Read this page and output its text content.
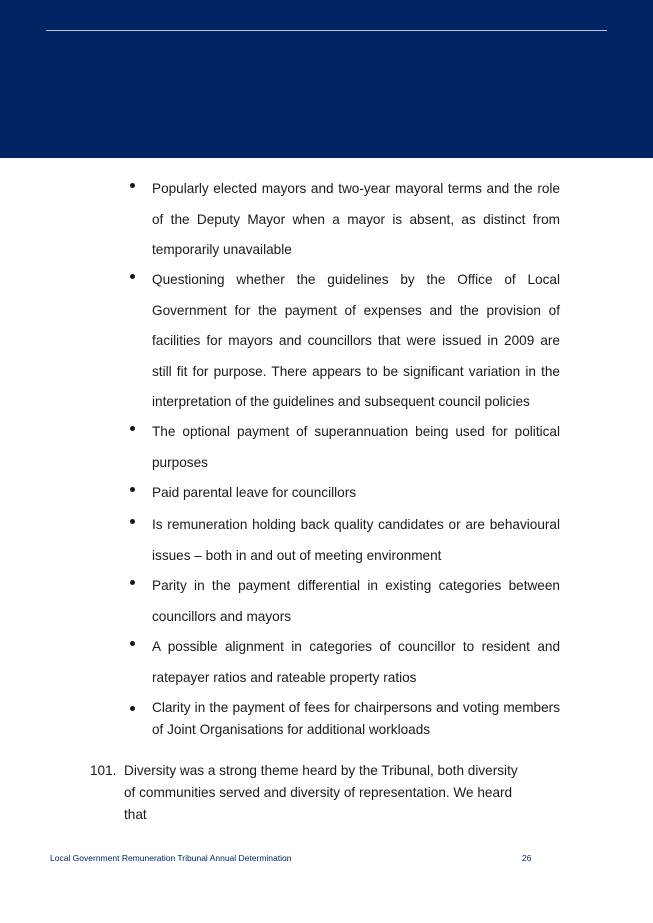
Popularly elected mayors and two-year mayoral terms and the role of the Deputy Mayor when a mayor is absent, as distinct from temporarily unavailable
Questioning whether the guidelines by the Office of Local Government for the payment of expenses and the provision of facilities for mayors and councillors that were issued in 2009 are still fit for purpose. There appears to be significant variation in the interpretation of the guidelines and subsequent council policies
The optional payment of superannuation being used for political purposes
Paid parental leave for councillors
Is remuneration holding back quality candidates or are behavioural issues – both in and out of meeting environment
Parity in the payment differential in existing categories between councillors and mayors
A possible alignment in categories of councillor to resident and ratepayer ratios and rateable property ratios
Clarity in the payment of fees for chairpersons and voting members of Joint Organisations for additional workloads
101. Diversity was a strong theme heard by the Tribunal, both diversity of communities served and diversity of representation. We heard that
Local Government Remuneration Tribunal Annual Determination	26
